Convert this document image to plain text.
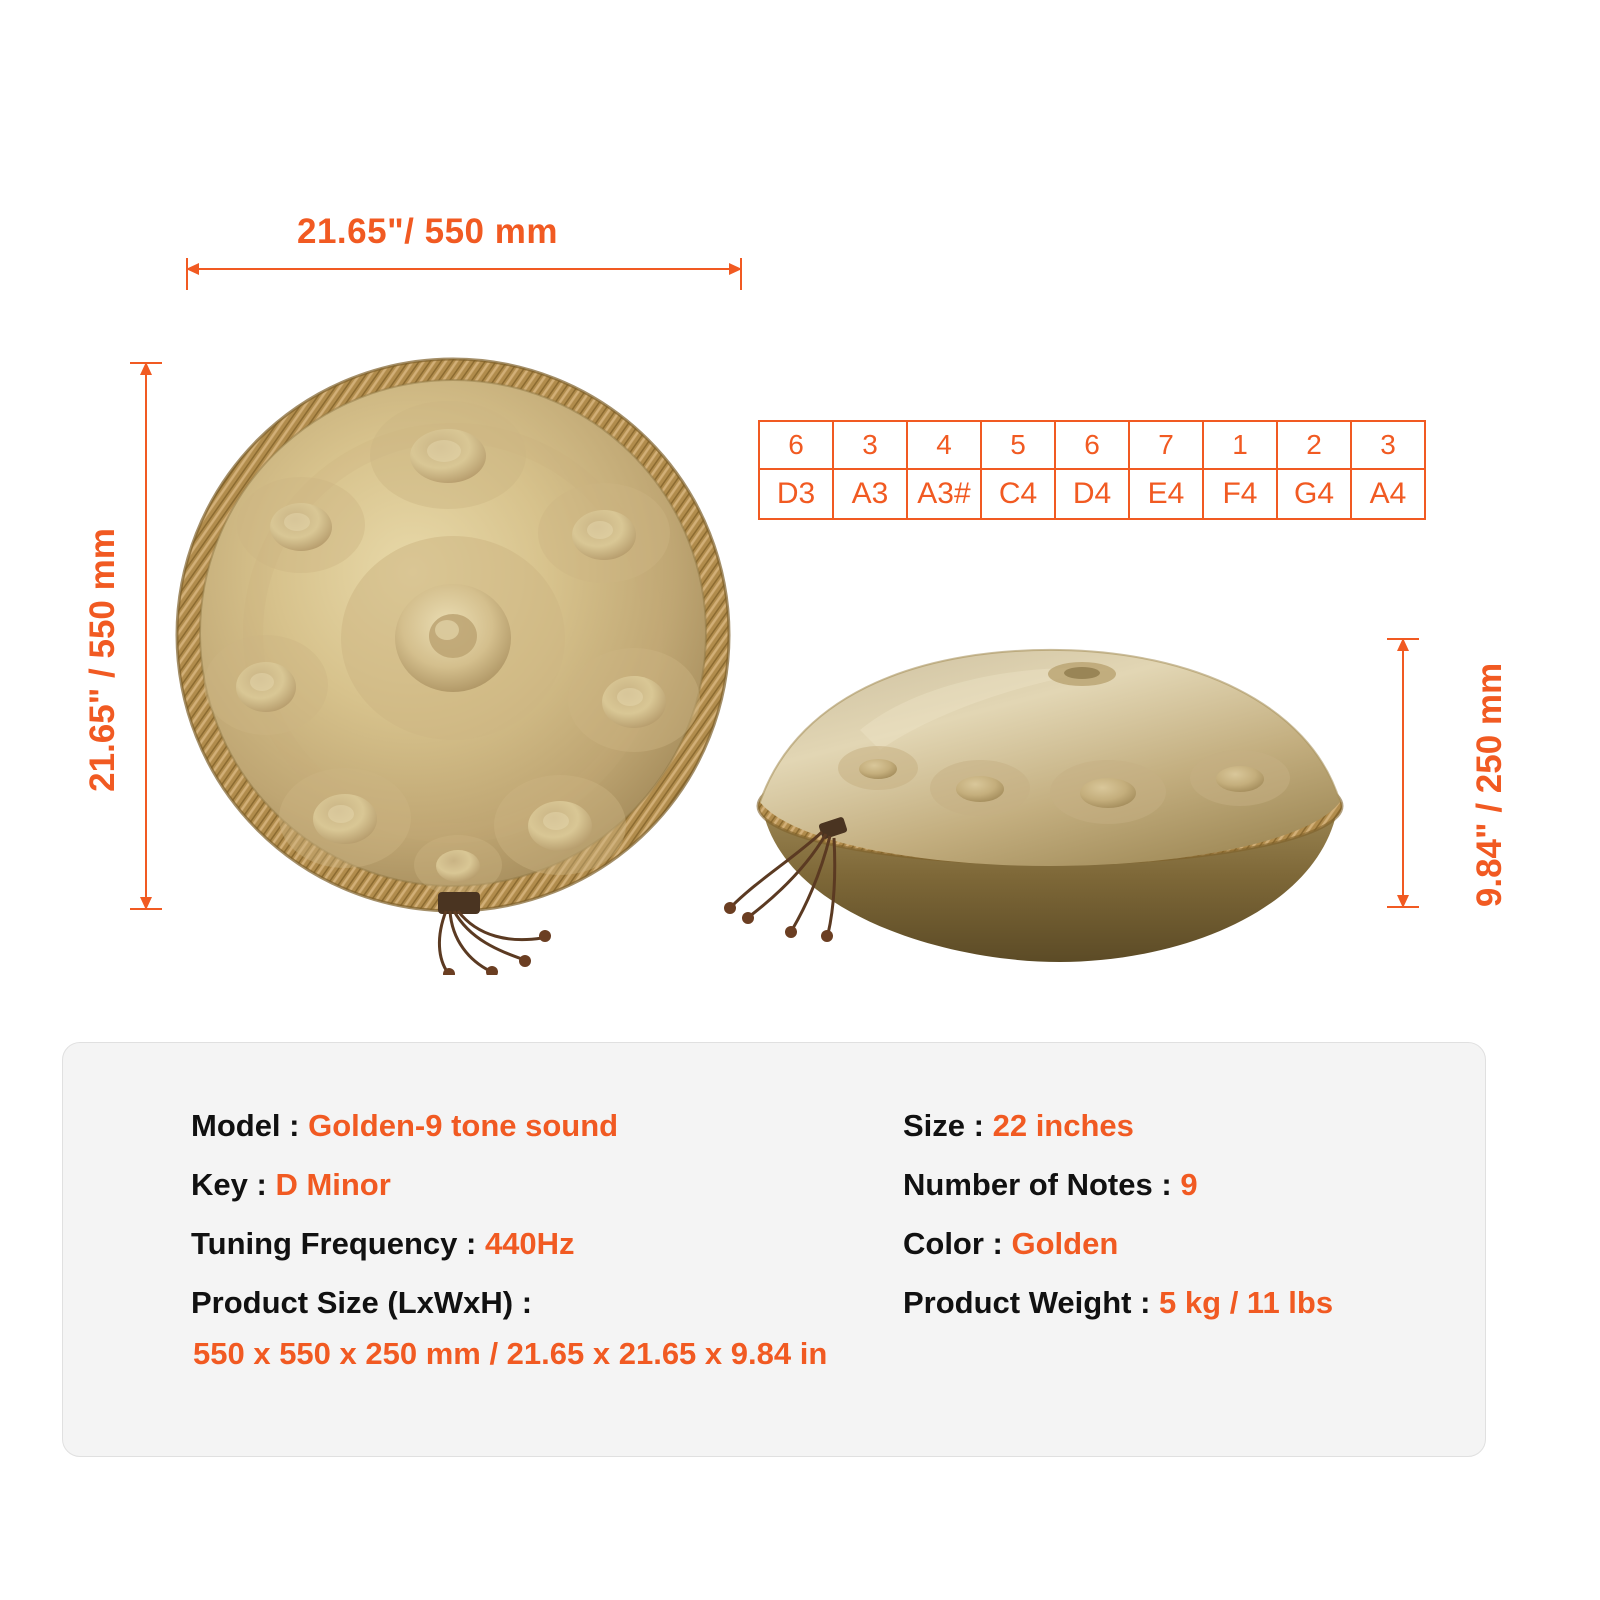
21.65"/ 550 mm
21.65" / 550 mm	9.84" / 250 mm
6	3	4	5	6	7	1	2	3
D3	A3	A3#	C4	D4	E4	F4	G4	A4
Model : Golden-9 tone sound
Key : D Minor
Tuning Frequency : 440Hz
Product Size (LxWxH) :
550 x 550 x 250 mm / 21.65 x 21.65 x 9.84 in
Size : 22 inches
Number of Notes : 9
Color : Golden
Product Weight : 5 kg / 11 lbs
